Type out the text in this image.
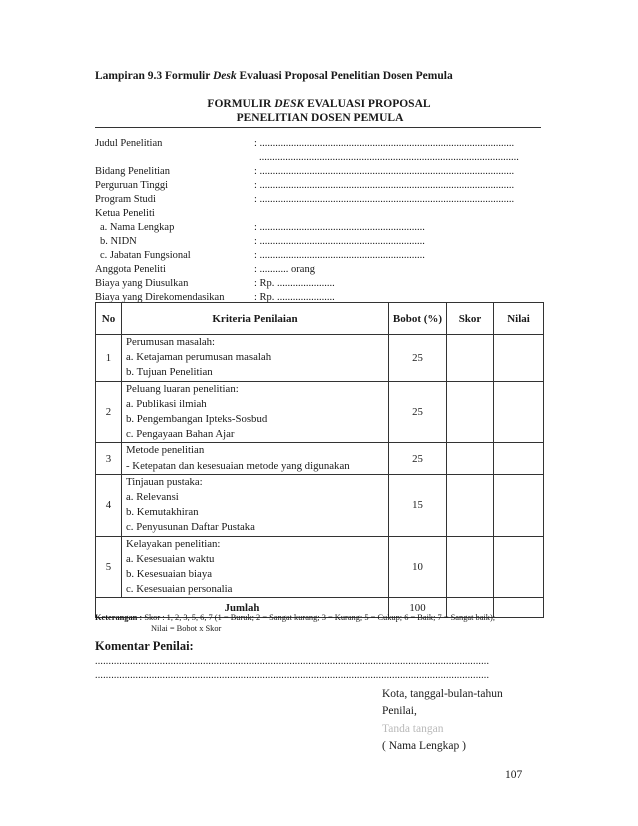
Lampiran 9.3 Formulir Desk Evaluasi Proposal Penelitian Dosen Pemula
FORMULIR DESK EVALUASI PROPOSAL
PENELITIAN DOSEN PEMULA
Judul Penelitian	: .................................................................................................
...................................................................................................
Bidang Penelitian	: .................................................................................................
Perguruan Tinggi	: .................................................................................................
Program Studi	: .................................................................................................
Ketua Peneliti
a. Nama Lengkap	: ...............................................................
b. NIDN	: ...............................................................
c. Jabatan Fungsional	: ...............................................................
Anggota Peneliti	: ........... orang
Biaya yang Diusulkan	: Rp. ......................
Biaya yang Direkomendasikan	: Rp. ......................
No	Kriteria Penilaian	Bobot (%)	Skor	Nilai
1	Perumusan masalah:
a. Ketajaman perumusan masalah
b. Tujuan Penelitian	25		
2	Peluang luaran penelitian:
a. Publikasi ilmiah
b. Pengembangan Ipteks-Sosbud
c. Pengayaan Bahan Ajar	25		
3	Metode penelitian
- Ketepatan dan kesesuaian metode yang digunakan	25		
4	Tinjauan pustaka:
a. Relevansi
b. Kemutakhiran
c. Penyusunan Daftar Pustaka	15		
5	Kelayakan penelitian:
a. Kesesuaian waktu
b. Kesesuaian biaya
c. Kesesuaian personalia	10		
Jumlah		100		
Keterangan : Skor : 1, 2, 3, 5, 6, 7 (1 = Buruk; 2 = Sangat kurang; 3 = Kurang; 5 = Cukup; 6 = Baik; 7 = Sangat baik);
Nilai = Bobot x Skor
Komentar Penilai:
..................................................................................................................................................
..................................................................................................................................................
Kota, tanggal-bulan-tahun
Penilai,
Tanda tangan
( Nama Lengkap )
107
